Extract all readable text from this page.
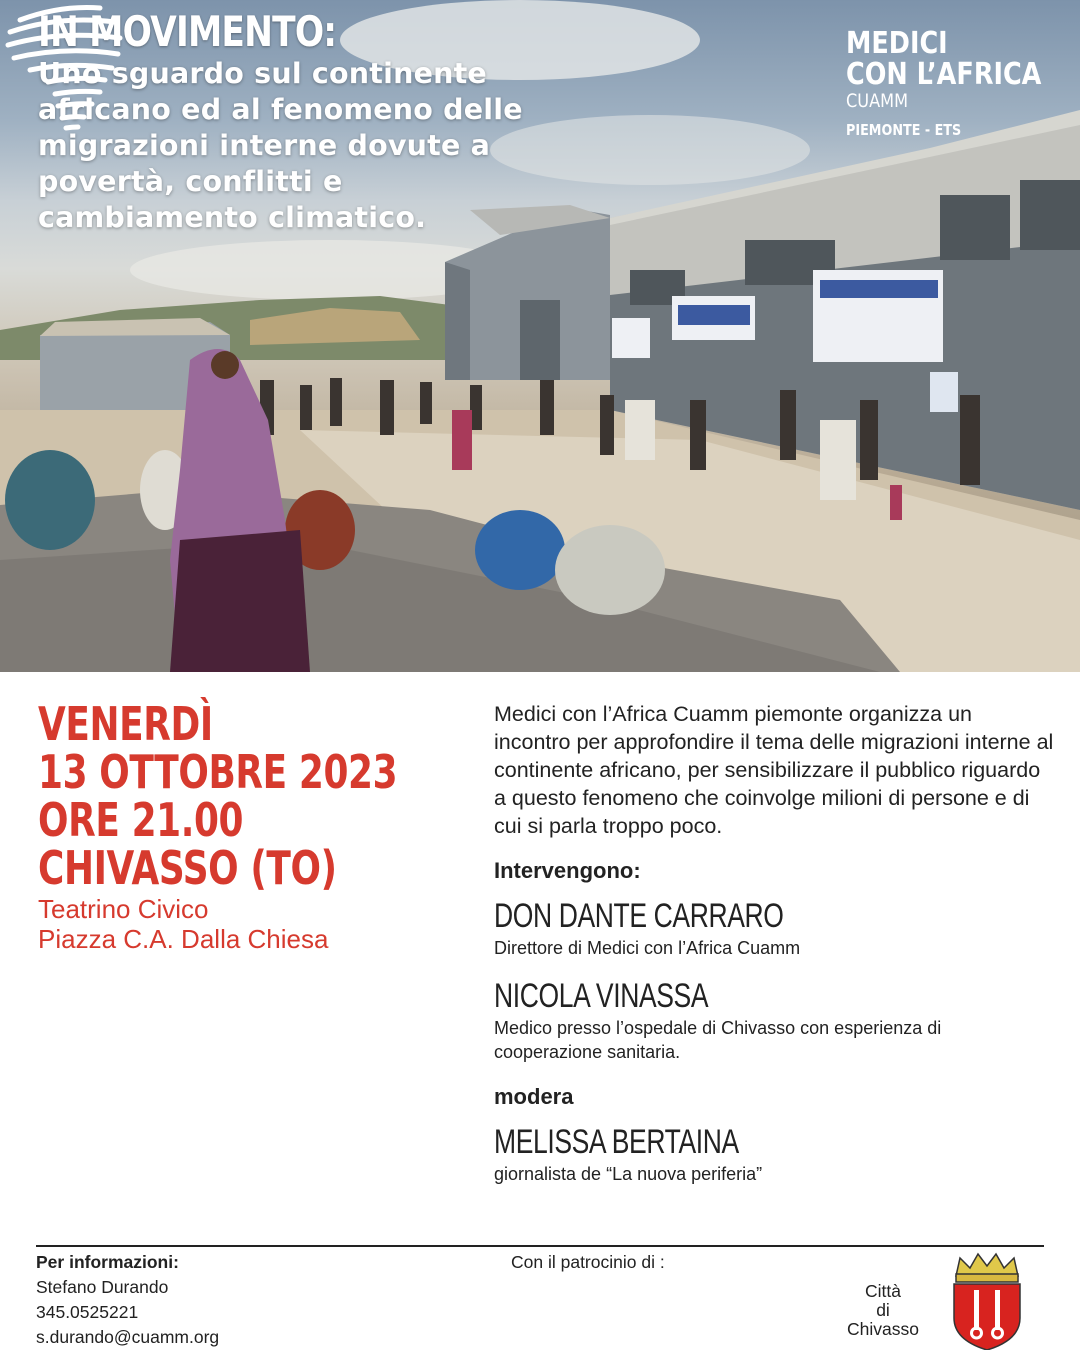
IN MOVIMENTO:
Uno sguardo sul continente africano ed al fenomeno delle migrazioni interne dovute a povertà, conflitti e cambiamento climatico.
MEDICI
CON L’AFRICA
CUAMM
PIEMONTE - ETS
VENERDÌ
13 OTTOBRE 2023
ORE 21.00
CHIVASSO (TO)
Teatrino Civico
Piazza C.A. Dalla Chiesa
Medici con l’Africa Cuamm piemonte organizza un incontro per approfondire il tema delle migrazioni interne al continente africano, per sensibilizzare il pubblico riguardo a questo fenomeno che coinvolge milioni di persone e di cui si parla troppo poco.
Intervengono:
DON DANTE CARRARO
Direttore di Medici con l’Africa Cuamm
NICOLA VINASSA
Medico presso l’ospedale di Chivasso con esperienza di cooperazione sanitaria.
modera
MELISSA BERTAINA
giornalista de “La nuova periferia”
Per informazioni:
Stefano Durando
345.0525221
s.durando@cuamm.org
Con il patrocinio di :
Città
di
Chivasso
